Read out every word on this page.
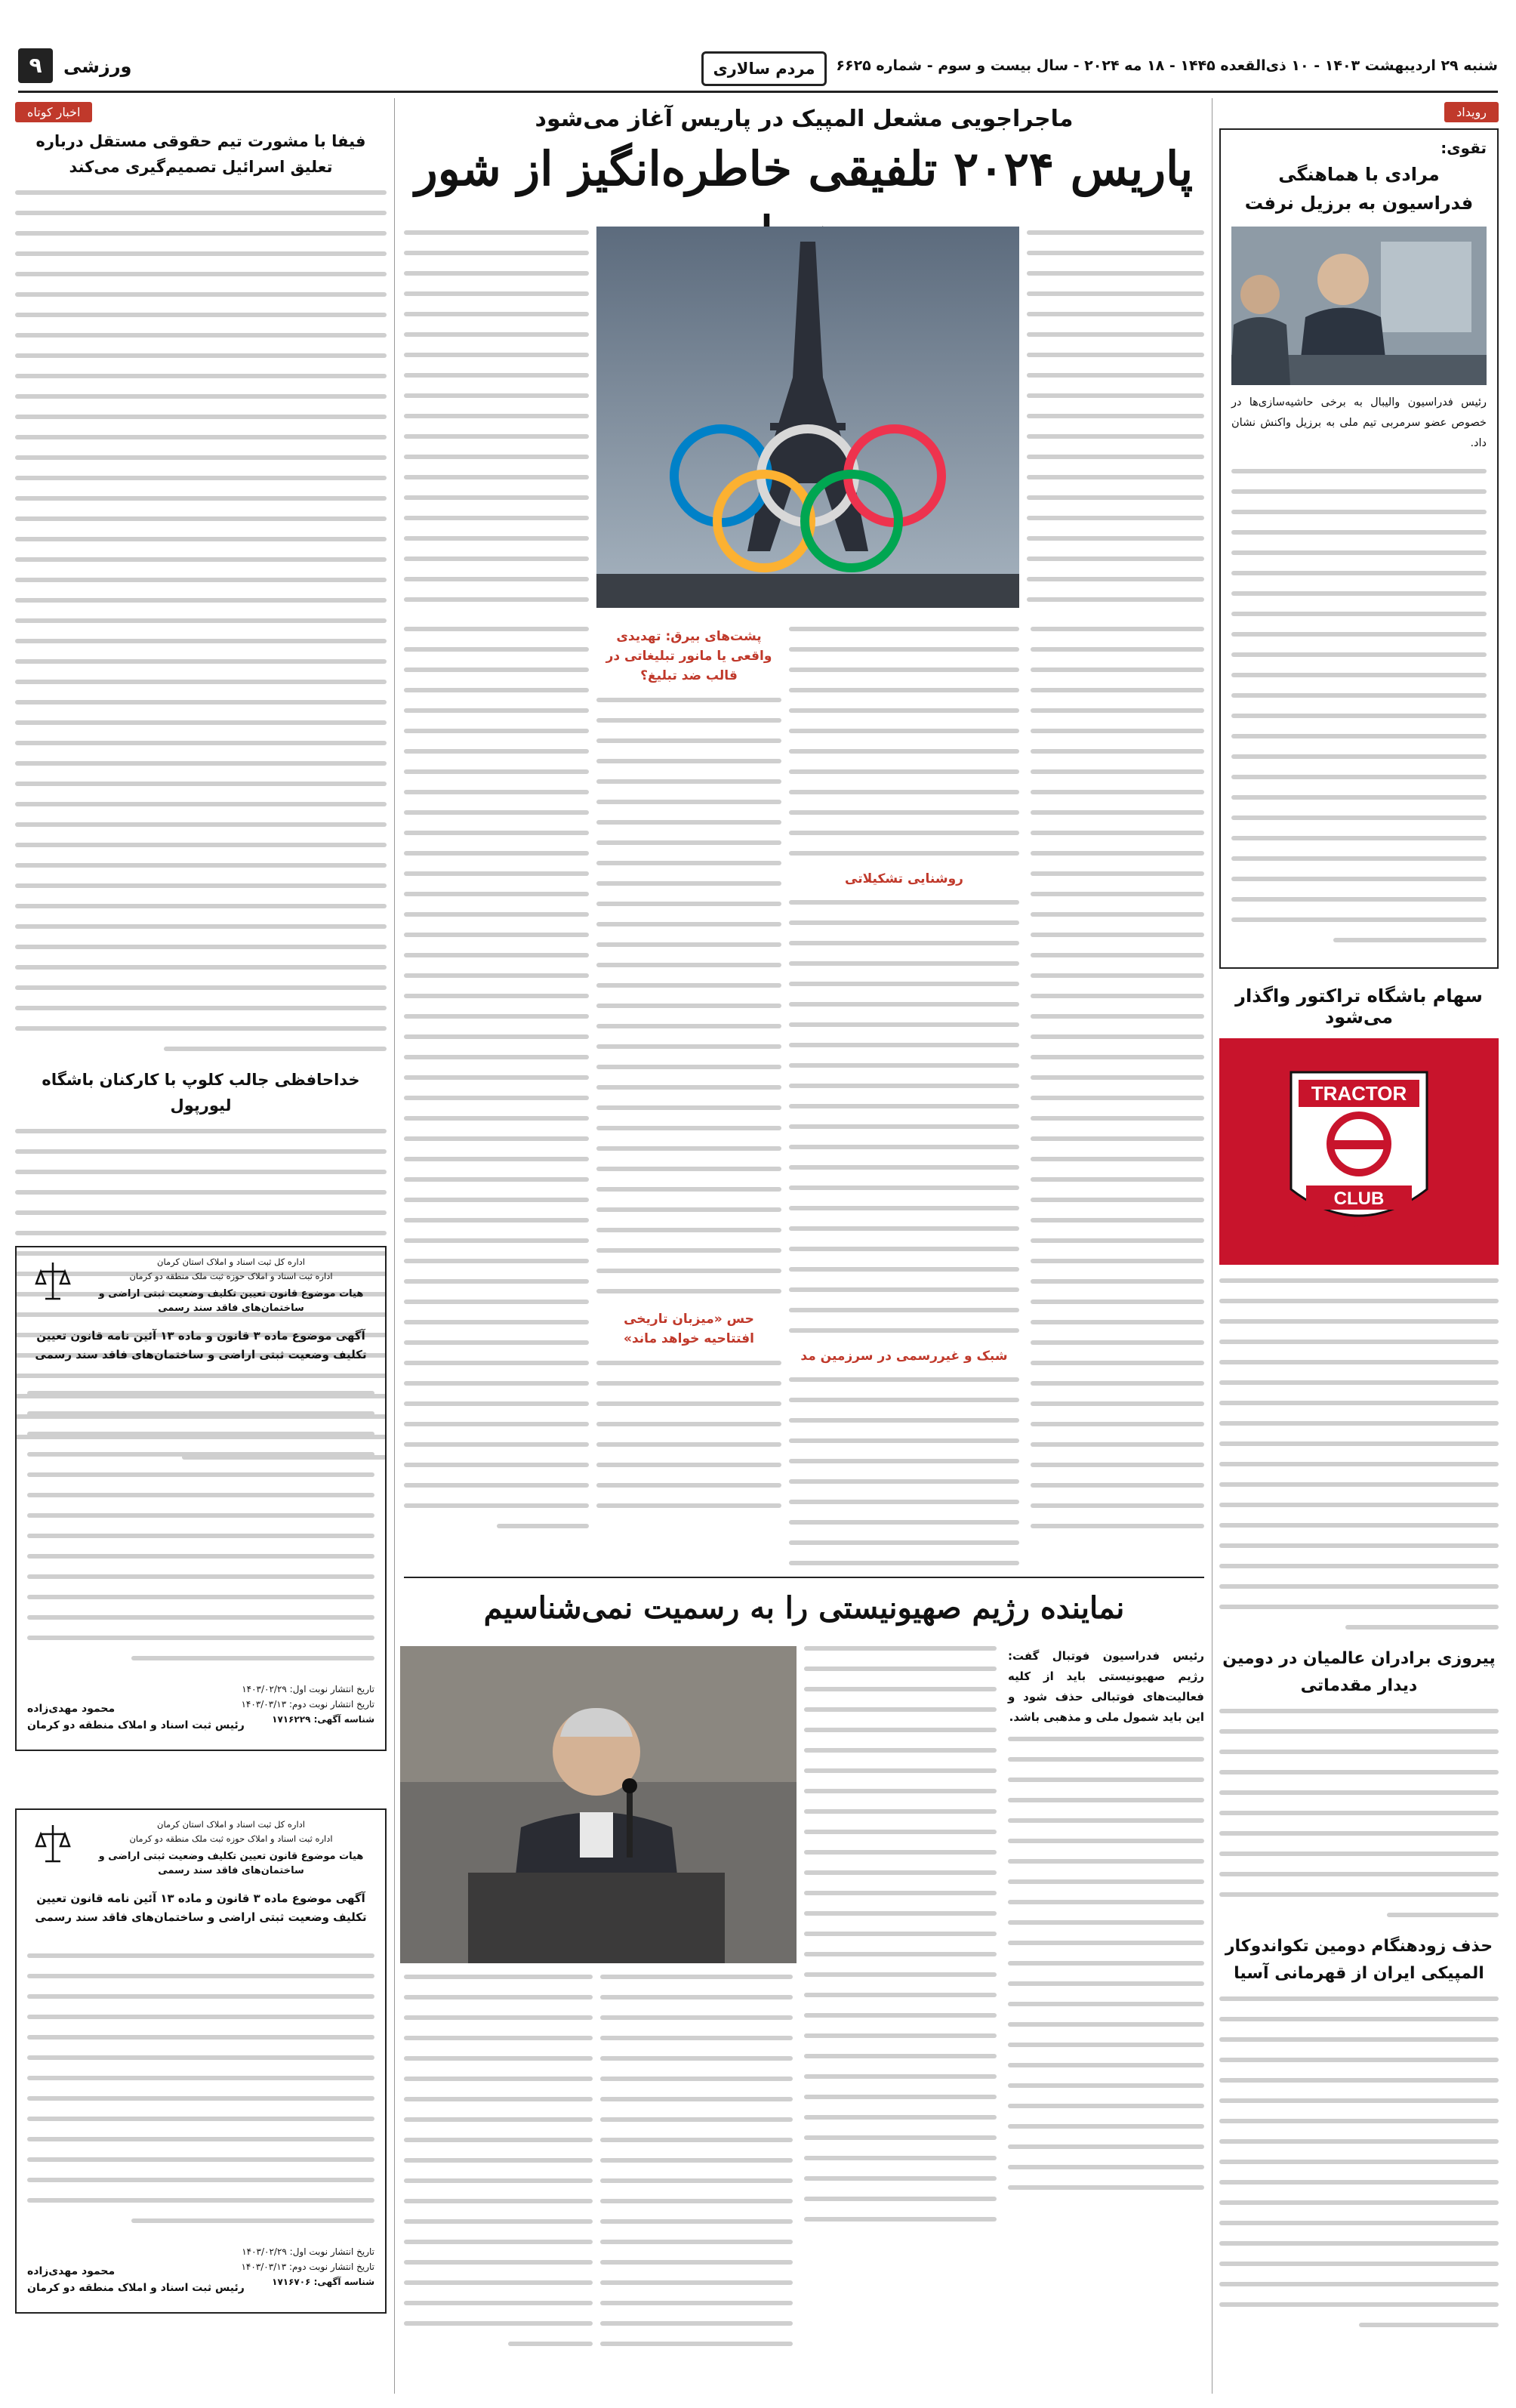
شنبه ۲۹ اردیبهشت ۱۴۰۳ - ۱۰ ذی‌القعده ۱۴۴۵ - ۱۸ مه ۲۰۲۴ - سال بیست و سوم - شماره ۶۶۲۵
مردم سالاری
ورزشی
۹
رویداد
تقوی:
مرادی با هماهنگی فدراسیون به برزیل نرفت
رئیس فدراسیون والیبال به برخی حاشیه‌سازی‌ها در خصوص عضو سرمربی تیم ملی به برزیل واکنش نشان داد.
سهام باشگاه تراکتور واگذار می‌شود
TRACTOR
CLUB
1970
پیروزی برادران عالمیان در دومین دیدار مقدماتی
حذف زودهنگام دومین تکواندوکار المپیکی ایران از قهرمانی آسیا
ماجراجویی مشعل المپیک در پاریس آغاز می‌شود
پاریس ۲۰۲۴ تلفیقی خاطره‌انگیز از شور
روشنایی تشکیلاتی
شبک و غیررسمی در سرزمین مد
پشت‌های بیرق: تهدیدی واقعی یا مانور تبلیغاتی در قالب ضد تبلیغ؟
حس «میزبان تاریخی افتتاحیه خواهد ماند»
نماینده رژیم صهیونیستی را به رسمیت نمی‌شناسیم
رئیس فدراسیون فوتبال گفت: رژیم صهیونیستی باید از کلیه فعالیت‌های فوتبالی حذف شود و این باید شمول ملی و مذهبی باشد.
اخبار کوتاه
فیفا با مشورت تیم حقوقی مستقل درباره تعلیق اسرائیل تصمیم‌گیری می‌کند
خداحافظی جالب کلوپ با کارکنان باشگاه لیورپول
اداره کل ثبت اسناد و املاک استان کرمان
اداره ثبت اسناد و املاک حوزه ثبت ملک منطقه دو کرمان
هیات موضوع قانون تعیین تکلیف وضعیت ثبتی اراضی و ساختمان‌های فاقد سند رسمی
آگهی موضوع ماده ۳ قانون و ماده ۱۳ آئین نامه قانون تعیین تکلیف وضعیت ثبتی اراضی و ساختمان‌های فاقد سند رسمی
تاریخ انتشار نوبت اول: ۱۴۰۳/۰۲/۲۹
تاریخ انتشار نوبت دوم: ۱۴۰۳/۰۳/۱۳
شناسه آگهی: ۱۷۱۶۲۲۹
محمود مهدی‌زاده
رئیس ثبت اسناد و املاک منطقه دو کرمان
اداره کل ثبت اسناد و املاک استان کرمان
اداره ثبت اسناد و املاک حوزه ثبت ملک منطقه دو کرمان
هیات موضوع قانون تعیین تکلیف وضعیت ثبتی اراضی و ساختمان‌های فاقد سند رسمی
آگهی موضوع ماده ۳ قانون و ماده ۱۳ آئین نامه قانون تعیین تکلیف وضعیت ثبتی اراضی و ساختمان‌های فاقد سند رسمی
تاریخ انتشار نوبت اول: ۱۴۰۳/۰۲/۲۹
تاریخ انتشار نوبت دوم: ۱۴۰۳/۰۳/۱۳
شناسه آگهی: ۱۷۱۶۷۰۶
محمود مهدی‌زاده
رئیس ثبت اسناد و املاک منطقه دو کرمان
